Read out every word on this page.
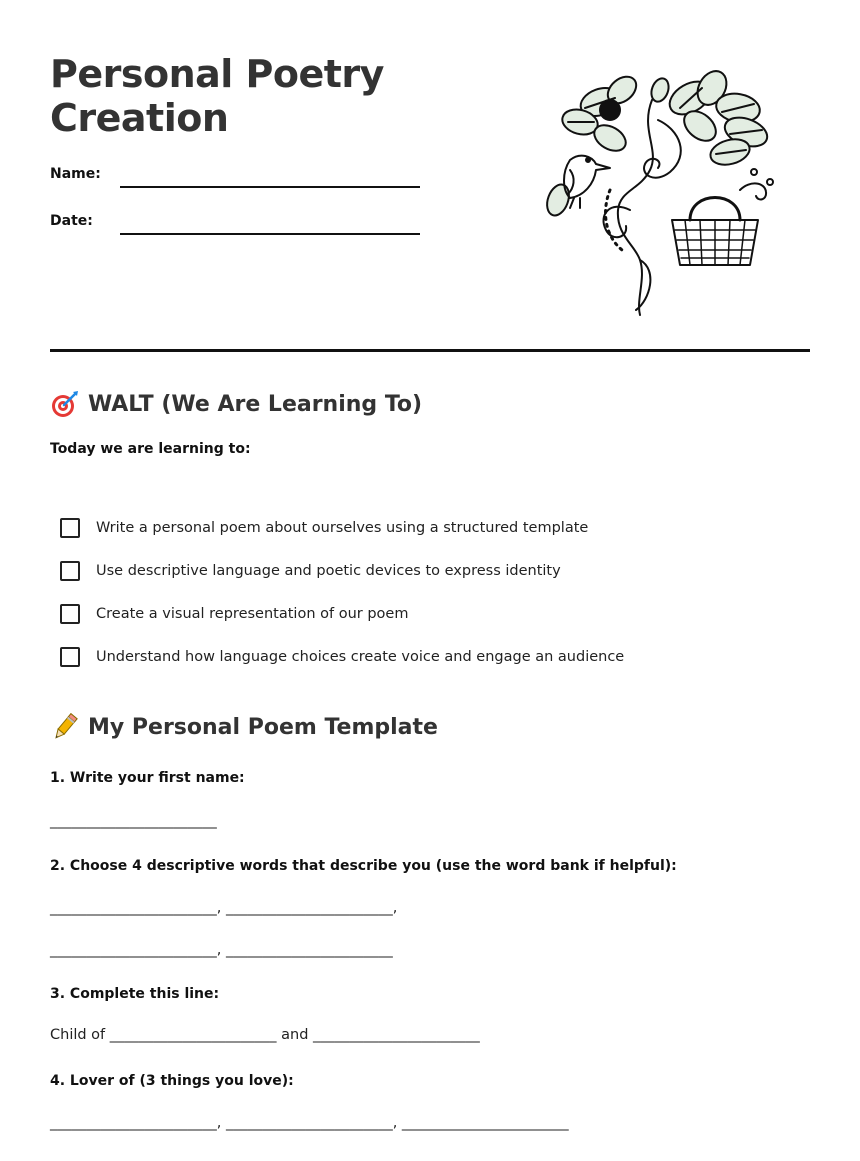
Personal Poetry
Creation
Name:
Date:
WALT (We Are Learning To)
Today we are learning to:
Write a personal poem about ourselves using a structured template
Use descriptive language and poetic devices to express identity
Create a visual representation of our poem
Understand how language choices create voice and engage an audience
My Personal Poem Template
1. Write your first name:
_______________________
2. Choose 4 descriptive words that describe you (use the word bank if helpful):
_______________________, _______________________,
_______________________, _______________________
3. Complete this line:
Child of _______________________ and _______________________
4. Lover of (3 things you love):
_______________________, _______________________, _______________________
